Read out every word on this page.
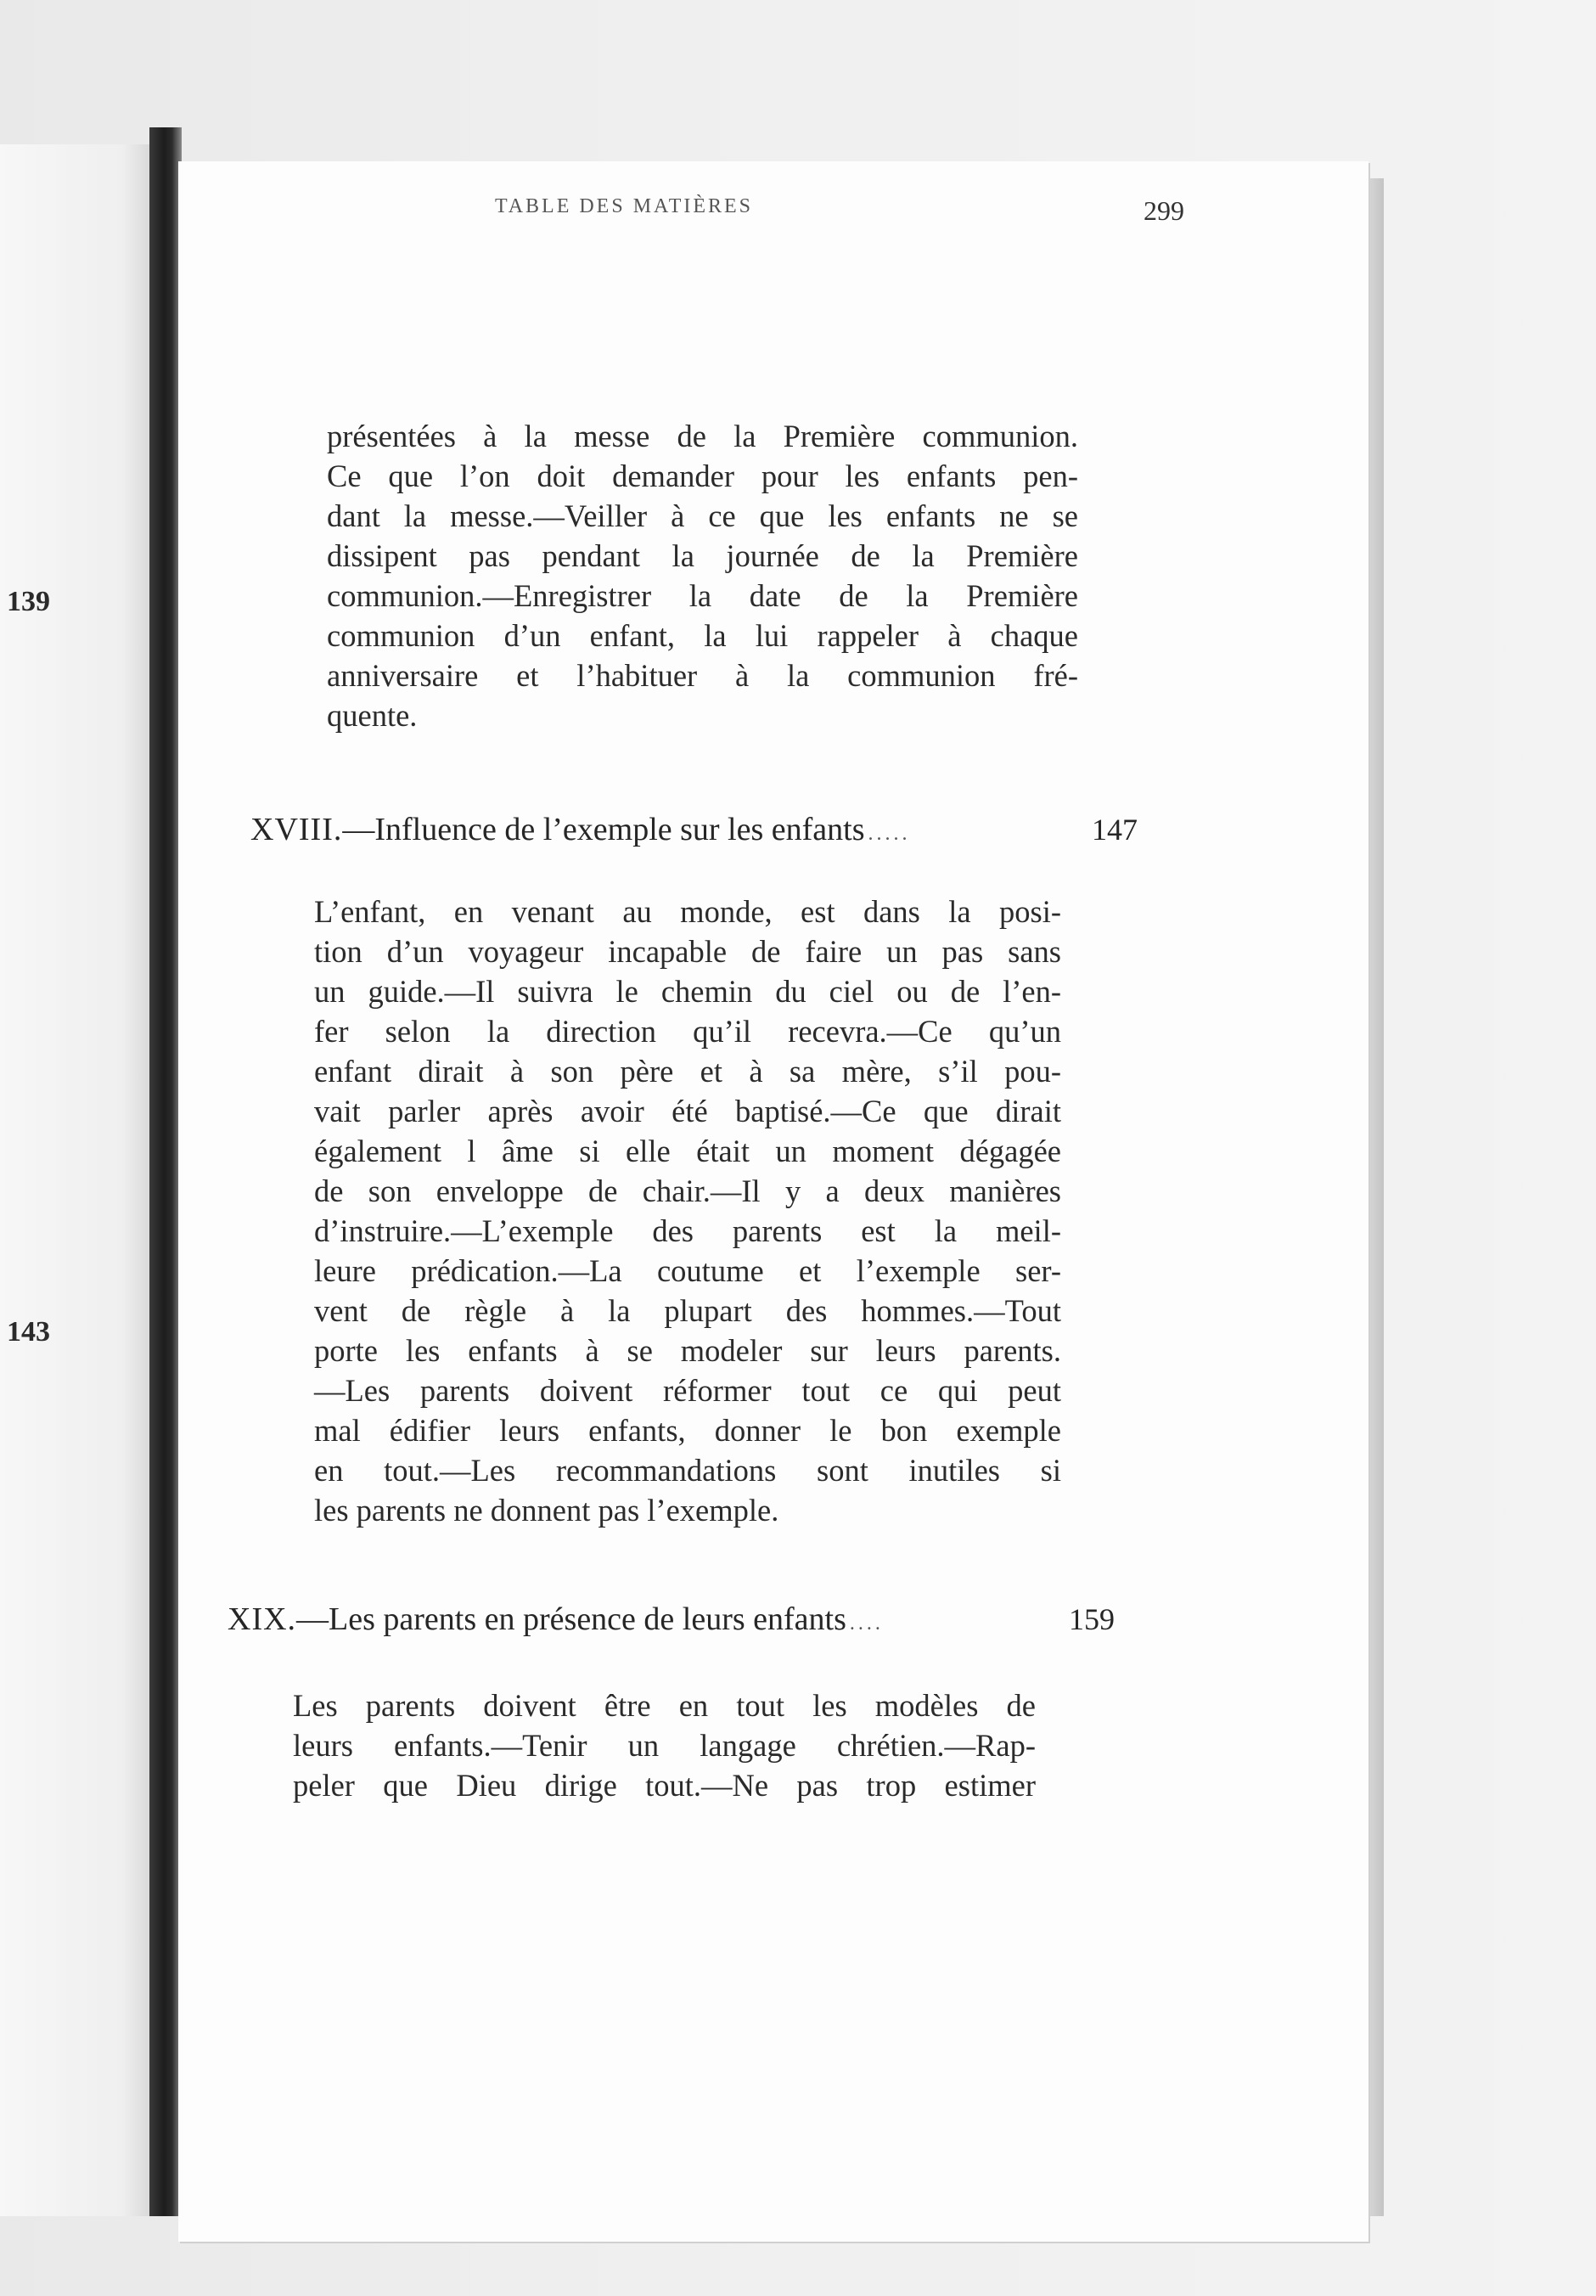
139
143
TABLE DES MATIÈRES	299
présentées à la messe de la Première communion.
Ce que l’on doit demander pour les enfants pen-
dant la messe.—Veiller à ce que les enfants ne se
dissipent pas pendant la journée de la Première
communion.—Enregistrer la date de la Première
communion d’un enfant, la lui rappeler à chaque
anniversaire et l’habituer à la communion fré-
quente.
XVIII. —Influence de l’exemple sur les enfants .....	147
L’enfant, en venant au monde, est dans la posi-
tion d’un voyageur incapable de faire un pas sans
un guide.—Il suivra le chemin du ciel ou de l’en-
fer selon la direction qu’il recevra.—Ce qu’un
enfant dirait à son père et à sa mère, s’il pou-
vait parler après avoir été baptisé.—Ce que dirait
également l âme si elle était un moment dégagée
de son enveloppe de chair.—Il y a deux manières
d’instruire.—L’exemple des parents est la meil-
leure prédication.—La coutume et l’exemple ser-
vent de règle à la plupart des hommes.—Tout
porte les enfants à se modeler sur leurs parents.
—Les parents doivent réformer tout ce qui peut
mal édifier leurs enfants, donner le bon exemple
en tout.—Les recommandations sont inutiles si
les parents ne donnent pas l’exemple.
XIX. —Les parents en présence de leurs enfants ....	159
Les parents doivent être en tout les modèles de
leurs enfants.—Tenir un langage chrétien.—Rap-
peler que Dieu dirige tout.—Ne pas trop estimer
